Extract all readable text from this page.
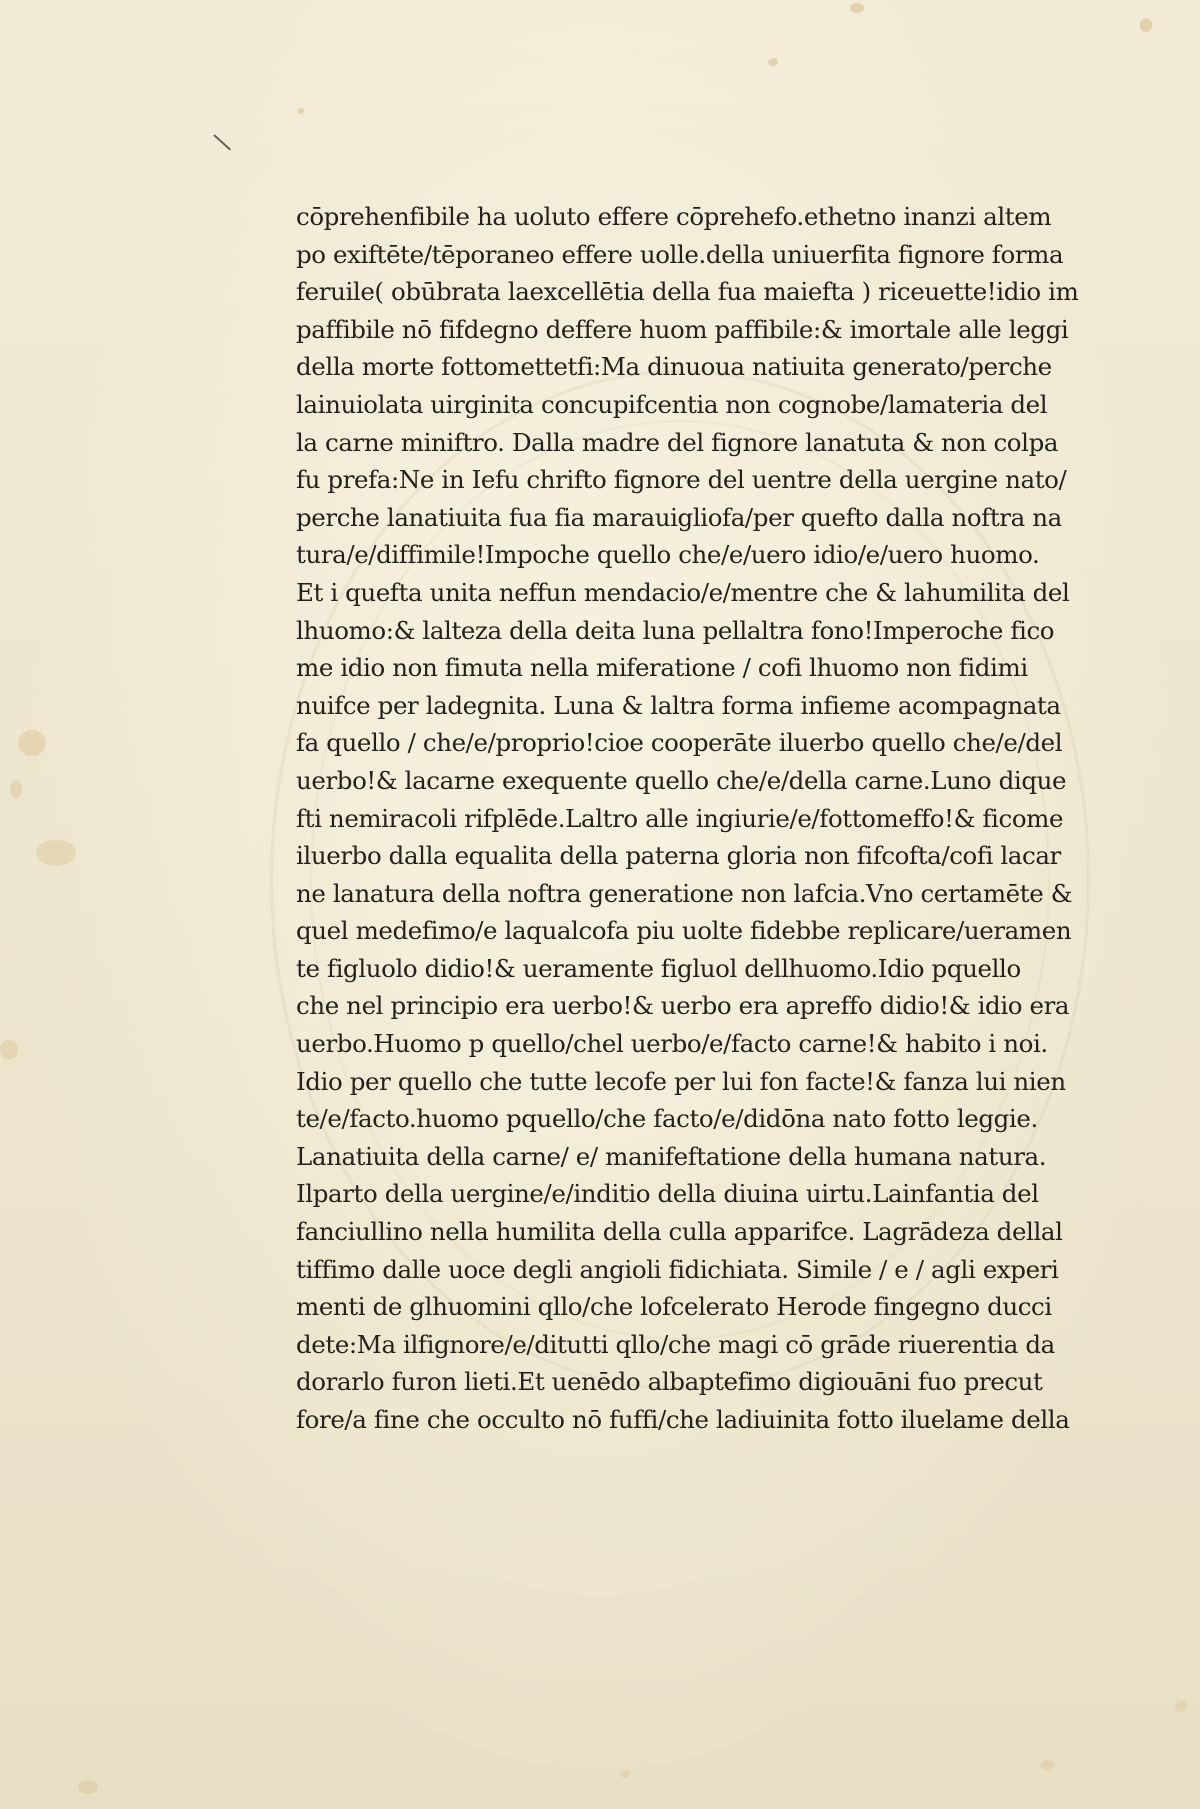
cōprehenfibile ha uoluto effere cōprehefo.ethetno inanzi altem
po exiftēte/tēporaneo effere uolle.della uniuerfita fignore forma
feruile( obūbrata laexcellētia della fua maiefta ) riceuette!idio im
paffibile nō fifdegno deffere huom paffibile:& imortale alle leggi
della morte fottomettetfi:Ma dinuoua natiuita generato/perche
lainuiolata uirginita concupifcentia non cognobe/lamateria del
la carne miniftro. Dalla madre del fignore lanatuta & non colpa
fu prefa:Ne in Iefu chrifto fignore del uentre della uergine nato/
perche lanatiuita fua fia marauigliofa/per quefto dalla noftra na
tura/e/diffimile!Impoche quello che/e/uero idio/e/uero huomo.
Et i quefta unita neffun mendacio/e/mentre che & lahumilita del
lhuomo:& lalteza della deita luna pellaltra fono!Imperoche fico
me idio non fimuta nella miferatione / cofi lhuomo non fidimi
nuifce per ladegnita. Luna & laltra forma infieme acompagnata
fa quello / che/e/proprio!cioe cooperāte iluerbo quello che/e/del
uerbo!& lacarne exequente quello che/e/della carne.Luno dique
fti nemiracoli rifplēde.Laltro alle ingiurie/e/fottomeffo!& ficome
iluerbo dalla equalita della paterna gloria non fifcofta/cofi lacar
ne lanatura della noftra generatione non lafcia.Vno certamēte &
quel medefimo/e laqualcofa piu uolte fidebbe replicare/ueramen
te figluolo didio!& ueramente figluol dellhuomo.Idio pquello
che nel principio era uerbo!& uerbo era apreffo didio!& idio era
uerbo.Huomo p quello/chel uerbo/e/facto carne!& habito i noi.
Idio per quello che tutte lecofe per lui fon facte!& fanza lui nien
te/e/facto.huomo pquello/che facto/e/didōna nato fotto leggie.
Lanatiuita della carne/ e/ manifeftatione della humana natura.
Ilparto della uergine/e/inditio della diuina uirtu.Lainfantia del
fanciullino nella humilita della culla apparifce. Lagrādeza dellal
tiffimo dalle uoce degli angioli fidichiata. Simile / e / agli experi
menti de glhuomini qllo/che lofcelerato Herode fingegno ducci
dete:Ma ilfignore/e/ditutti qllo/che magi cō grāde riuerentia da
dorarlo furon lieti.Et uenēdo albaptefimo digiouāni fuo precut
fore/a fine che occulto nō fuffi/che ladiuinita fotto iluelame della
